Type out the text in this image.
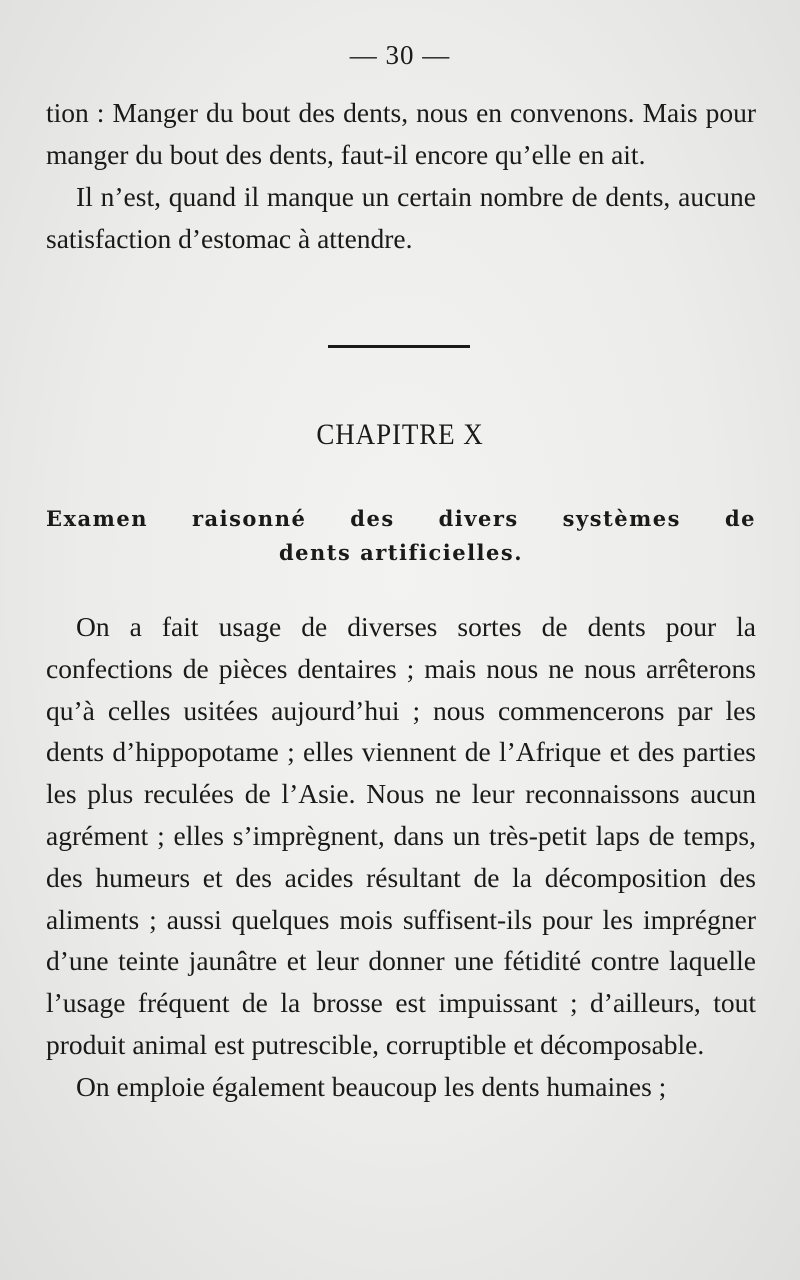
— 30 —

tion : Manger du bout des dents, nous en convenons. Mais pour manger du bout des dents, faut-il encore qu’elle en ait.

Il n’est, quand il manque un certain nombre de dents, aucune satisfaction d’estomac à attendre.

CHAPITRE X
Examen raisonné des divers systèmes de
dents artificielles.

On a fait usage de diverses sortes de dents pour la confections de pièces dentaires ; mais nous ne nous arrêterons qu’à celles usitées aujourd’hui ; nous commencerons par les dents d’hippopotame ; elles viennent de l’Afrique et des parties les plus reculées de l’Asie. Nous ne leur reconnaissons aucun agrément ; elles s’imprègnent, dans un très-petit laps de temps, des humeurs et des acides résultant de la décomposition des aliments ; aussi quelques mois suffisent-ils pour les imprégner d’une teinte jaunâtre et leur donner une fétidité contre laquelle l’usage fréquent de la brosse est impuissant ; d’ailleurs, tout produit animal est putrescible, corruptible et décomposable.

On emploie également beaucoup les dents humaines ;
